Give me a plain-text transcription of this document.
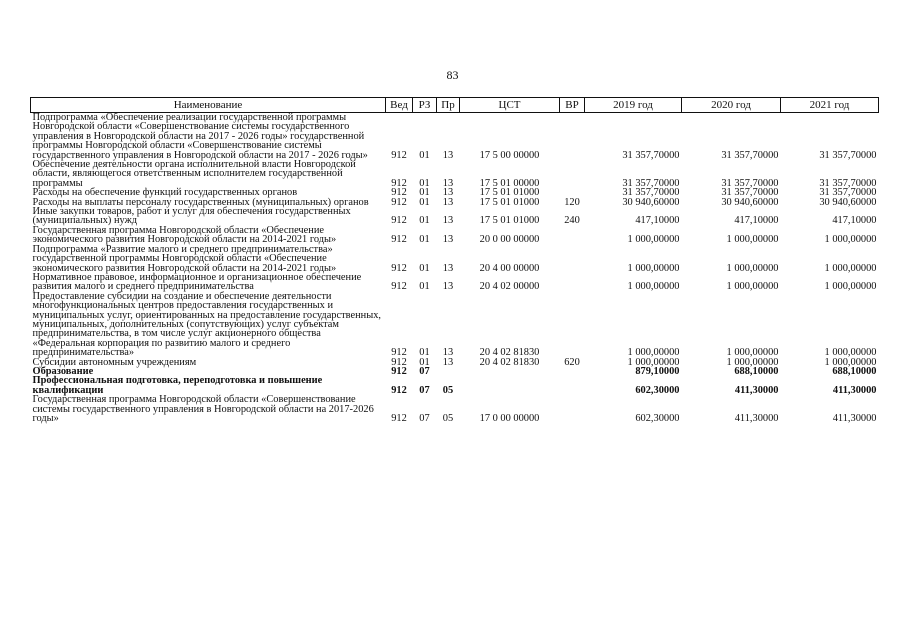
83
Наименование	Вед	РЗ	Пр	ЦСТ	ВР	2019 год	2020 год	2021 год
Подпрограмма «Обеспечение реализации государственной программы Новгородской области «Совершенствование системы государственного управления в Новгородской области на 2017 - 2026 годы» государственной программы Новгородской области «Совершенствование системы государственного управления в Новгородской области на 2017 - 2026 годы»	912	01	13	17 5 00 00000		31 357,70000	31 357,70000	31 357,70000
Обеспечение деятельности органа исполнительной власти Новгородской области, являющегося ответственным исполнителем государственной программы	912	01	13	17 5 01 00000		31 357,70000	31 357,70000	31 357,70000
Расходы на обеспечение функций государственных органов	912	01	13	17 5 01 01000		31 357,70000	31 357,70000	31 357,70000
Расходы на выплаты персоналу государственных (муниципальных) органов	912	01	13	17 5 01 01000	120	30 940,60000	30 940,60000	30 940,60000
Иные закупки товаров, работ и услуг для обеспечения государственных (муниципальных) нужд	912	01	13	17 5 01 01000	240	417,10000	417,10000	417,10000
Государственная программа Новгородской области «Обеспечение экономического развития Новгородской области на 2014-2021 годы»	912	01	13	20 0 00 00000		1 000,00000	1 000,00000	1 000,00000
Подпрограмма «Развитие малого и среднего предпринимательства» государственной программы Новгородской области «Обеспечение экономического развития Новгородской области на 2014-2021 годы»	912	01	13	20 4 00 00000		1 000,00000	1 000,00000	1 000,00000
Нормативное правовое, информационное и организационное обеспечение развития малого и среднего предпринимательства	912	01	13	20 4 02 00000		1 000,00000	1 000,00000	1 000,00000
Предоставление субсидии на создание и обеспечение деятельности многофункциональных центров предоставления государственных и муниципальных услуг, ориентированных на предоставление государственных, муниципальных, дополнительных (сопутствующих) услуг субъектам предпринимательства, в том числе услуг акционерного общества «Федеральная корпорация по развитию малого и среднего предпринимательства»	912	01	13	20 4 02 81830		1 000,00000	1 000,00000	1 000,00000
Субсидии автономным учреждениям	912	01	13	20 4 02 81830	620	1 000,00000	1 000,00000	1 000,00000
Образование	912	07				879,10000	688,10000	688,10000
Профессиональная подготовка, переподготовка и повышение квалификации	912	07	05			602,30000	411,30000	411,30000
Государственная программа Новгородской области «Совершенствование системы государственного управления в Новгородской области на 2017-2026 годы»	912	07	05	17 0 00 00000		602,30000	411,30000	411,30000
